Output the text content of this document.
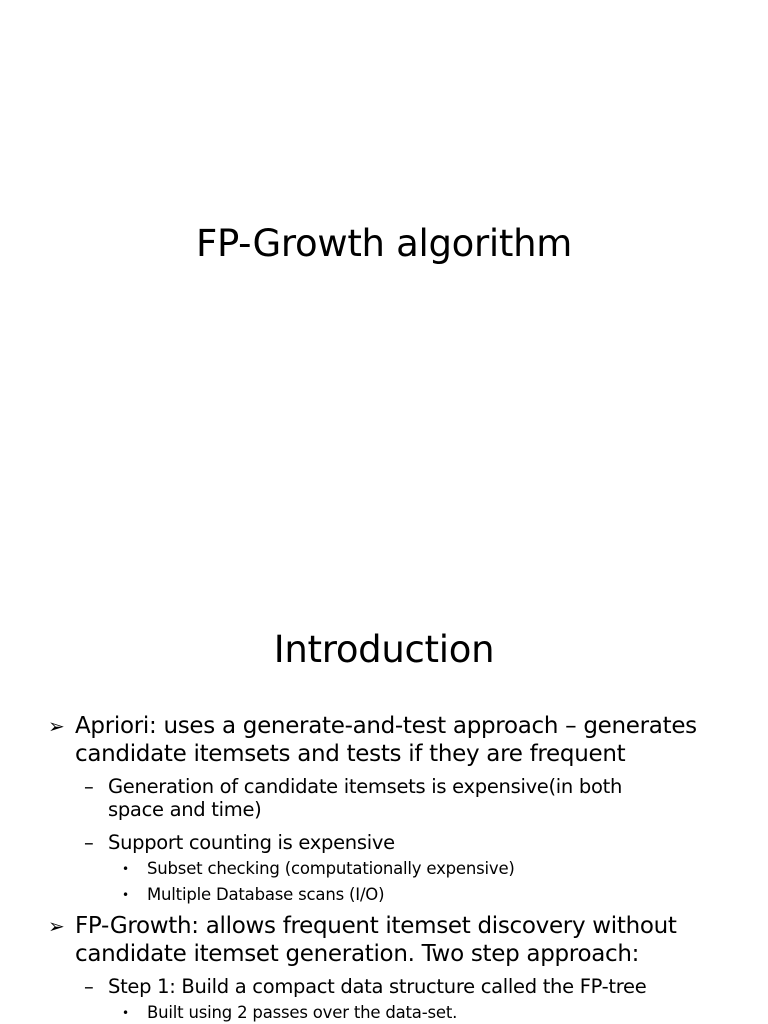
FP-Growth algorithm
Introduction
➢ Apriori: uses a generate-and-test approach – generates
candidate itemsets and tests if they are frequent
– Generation of candidate itemsets is expensive(in both
space and time)
– Support counting is expensive
• Subset checking (computationally expensive)
• Multiple Database scans (I/O)
➢ FP-Growth: allows frequent itemset discovery without
candidate itemset generation. Two step approach:
– Step 1: Build a compact data structure called the FP-tree
• Built using 2 passes over the data-set.
